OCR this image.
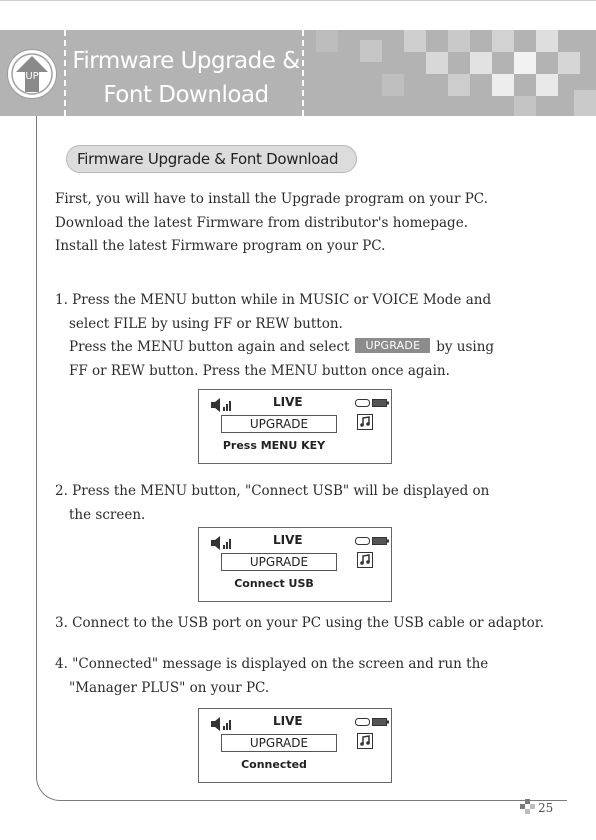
Firmware Upgrade &
Font Download
UP
Firmware Upgrade & Font Download
First, you will have to install the Upgrade program on your PC.
Download the latest Firmware from distributor's homepage.
Install the latest Firmware program on your PC.
1. Press the MENU button while in MUSIC or VOICE Mode and
select FILE by using FF or REW button.
Press the MENU button again and select UPGRADE by using
FF or REW button. Press the MENU button once again.
LIVE
UPGRADE
Press MENU KEY
2. Press the MENU button, "Connect USB" will be displayed on
the screen.
LIVE
UPGRADE
Connect USB
3. Connect to the USB port on your PC using the USB cable or adaptor.
4. "Connected" message is displayed on the screen and run the
"Manager PLUS" on your PC.
LIVE
UPGRADE
Connected
25
